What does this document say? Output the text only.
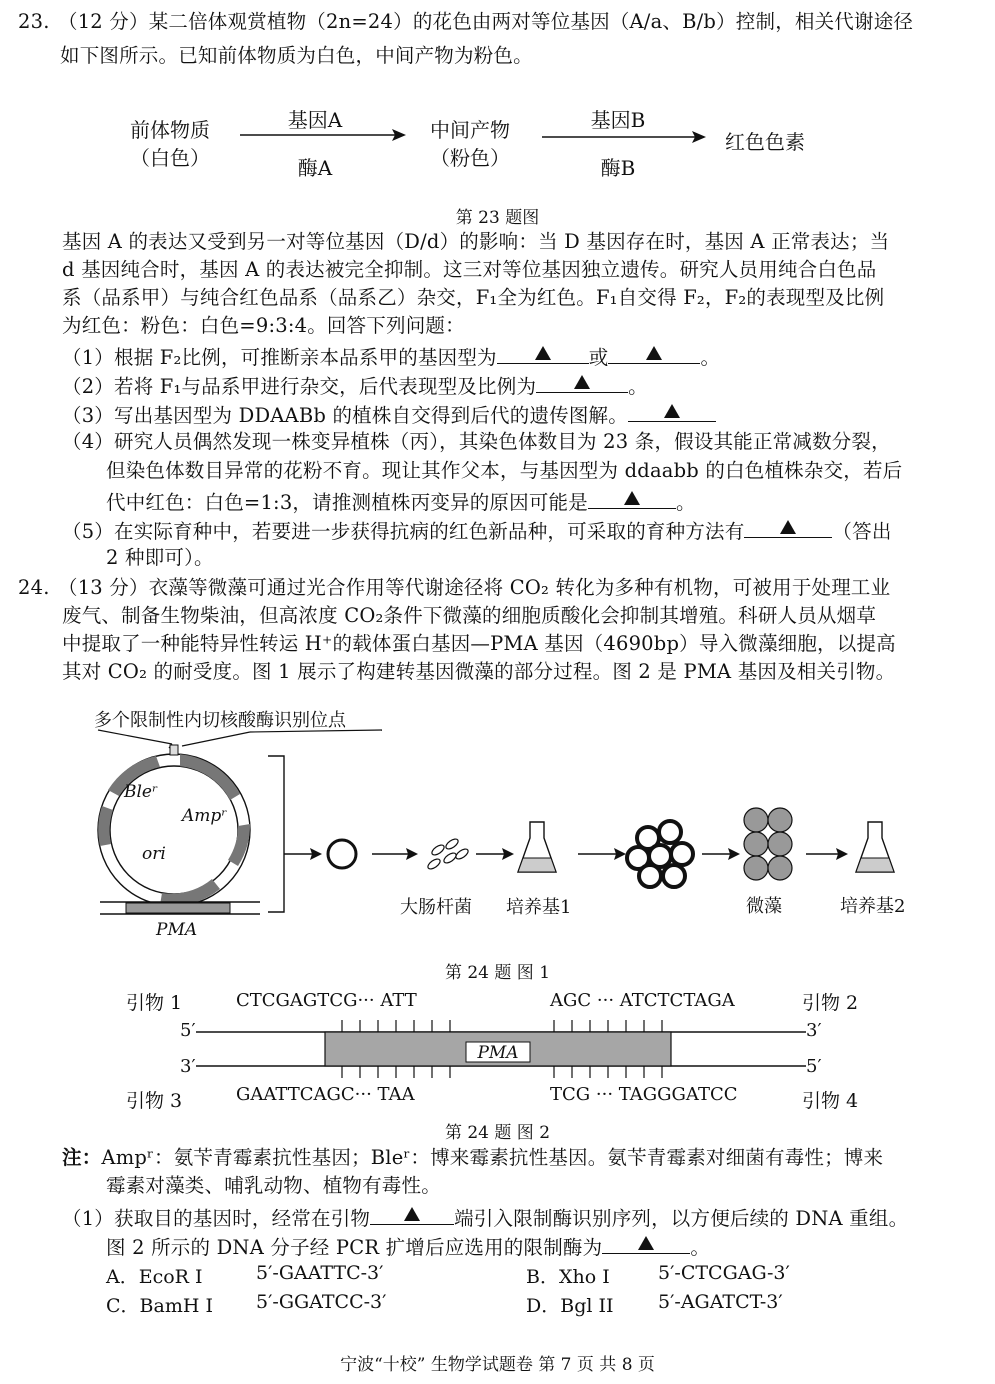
23. （12 分）某二倍体观赏植物（2n=24）的花色由两对等位基因（A/a、B/b）控制，相关代谢途径
如下图所示。已知前体物质为白色，中间产物为粉色。
前体物质
（白色）
基因A
酶A
中间产物
（粉色）
基因B
酶B
红色色素
第 23 题图
基因 A 的表达又受到另一对等位基因（D/d）的影响：当 D 基因存在时，基因 A 正常表达；当
d 基因纯合时，基因 A 的表达被完全抑制。这三对等位基因独立遗传。研究人员用纯合白色品
系（品系甲）与纯合红色品系（品系乙）杂交，F₁全为红色。F₁自交得 F₂，F₂的表现型及比例
为红色：粉色：白色=9:3:4。回答下列问题：
（1）根据 F₂比例，可推断亲本品系甲的基因型为	或	。
（2）若将 F₁与品系甲进行杂交，后代表现型及比例为	。
（3）写出基因型为 DDAABb 的植株自交得到后代的遗传图解。
（4）研究人员偶然发现一株变异植株（丙），其染色体数目为 23 条，假设其能正常减数分裂，
但染色体数目异常的花粉不育。现让其作父本，与基因型为 ddaabb 的白色植株杂交，若后
代中红色：白色=1:3，请推测植株丙变异的原因可能是	。
（5）在实际育种中，若要进一步获得抗病的红色新品种，可采取的育种方法有	（答出
2 种即可）。
24. （13 分）衣藻等微藻可通过光合作用等代谢途径将 CO₂ 转化为多种有机物，可被用于处理工业
废气、制备生物柴油，但高浓度 CO₂条件下微藻的细胞质酸化会抑制其增殖。科研人员从烟草
中提取了一种能特异性转运 H⁺的载体蛋白基因—PMA 基因（4690bp）导入微藻细胞，以提高
其对 CO₂ 的耐受度。图 1 展示了构建转基因微藻的部分过程。图 2 是 PMA 基因及相关引物。
多个限制性内切核酸酶识别位点
Bleʳ
Ampʳ
ori
PMA
大肠杆菌 培养基1	微藻	培养基2
第 24 题 图 1
引物 1	CTCGAGTCG··· ATT	AGC ··· ATCTCTAGA	引物 2
5′	3′
3′	5′
PMA
引物 3	GAATTCAGC··· TAA	TCG ··· TAGGGATCC	引物 4
第 24 题 图 2
注：Ampʳ：氨苄青霉素抗性基因；Bleʳ：博来霉素抗性基因。氨苄青霉素对细菌有毒性；博来
霉素对藻类、哺乳动物、植物有毒性。
（1）获取目的基因时，经常在引物	端引入限制酶识别序列，以方便后续的 DNA 重组。
图 2 所示的 DNA 分子经 PCR 扩增后应选用的限制酶为	。
A．EcoR I	5′-GAATTC-3′	B．Xho I	5′-CTCGAG-3′
C．BamH I 5′-GGATCC-3′	D．Bgl II 5′-AGATCT-3′
宁波“十校” 生物学试题卷 第 7 页 共 8 页
